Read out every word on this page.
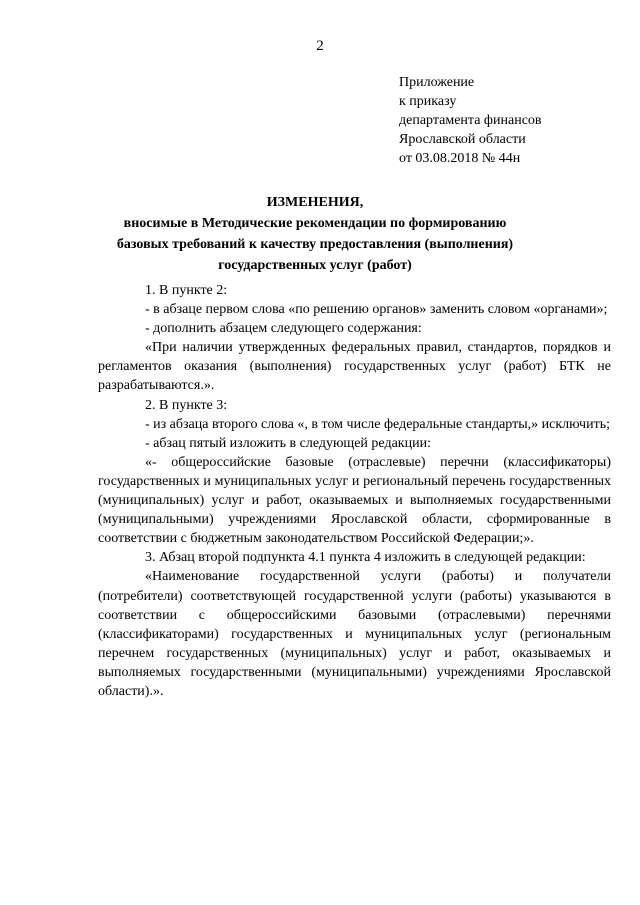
2
Приложение
к приказу
департамента финансов
Ярославской области
от 03.08.2018 № 44н
ИЗМЕНЕНИЯ,
вносимые в Методические рекомендации по формированию базовых требований к качеству предоставления (выполнения) государственных услуг (работ)

1. В пункте 2:

- в абзаце первом слова «по решению органов» заменить словом «органами»;

- дополнить абзацем следующего содержания:

«При наличии утвержденных федеральных правил, стандартов, порядков и регламентов оказания (выполнения) государственных услуг (работ) БТК не разрабатываются.».

2. В пункте 3:

- из абзаца второго слова «, в том числе федеральные стандарты,» исключить;

- абзац пятый изложить в следующей редакции:

«- общероссийские базовые (отраслевые) перечни (классификаторы) государственных и муниципальных услуг и региональный перечень государственных (муниципальных) услуг и работ, оказываемых и выполняемых государственными (муниципальными) учреждениями Ярославской области, сформированные в соответствии с бюджетным законодательством Российской Федерации;».

3. Абзац второй подпункта 4.1 пункта 4 изложить в следующей редакции:

«Наименование государственной услуги (работы) и получатели (потребители) соответствующей государственной услуги (работы) указываются в соответствии с общероссийскими базовыми (отраслевыми) перечнями (классификаторами) государственных и муниципальных услуг (региональным перечнем государственных (муниципальных) услуг и работ, оказываемых и выполняемых государственными (муниципальными) учреждениями Ярославской области).».
